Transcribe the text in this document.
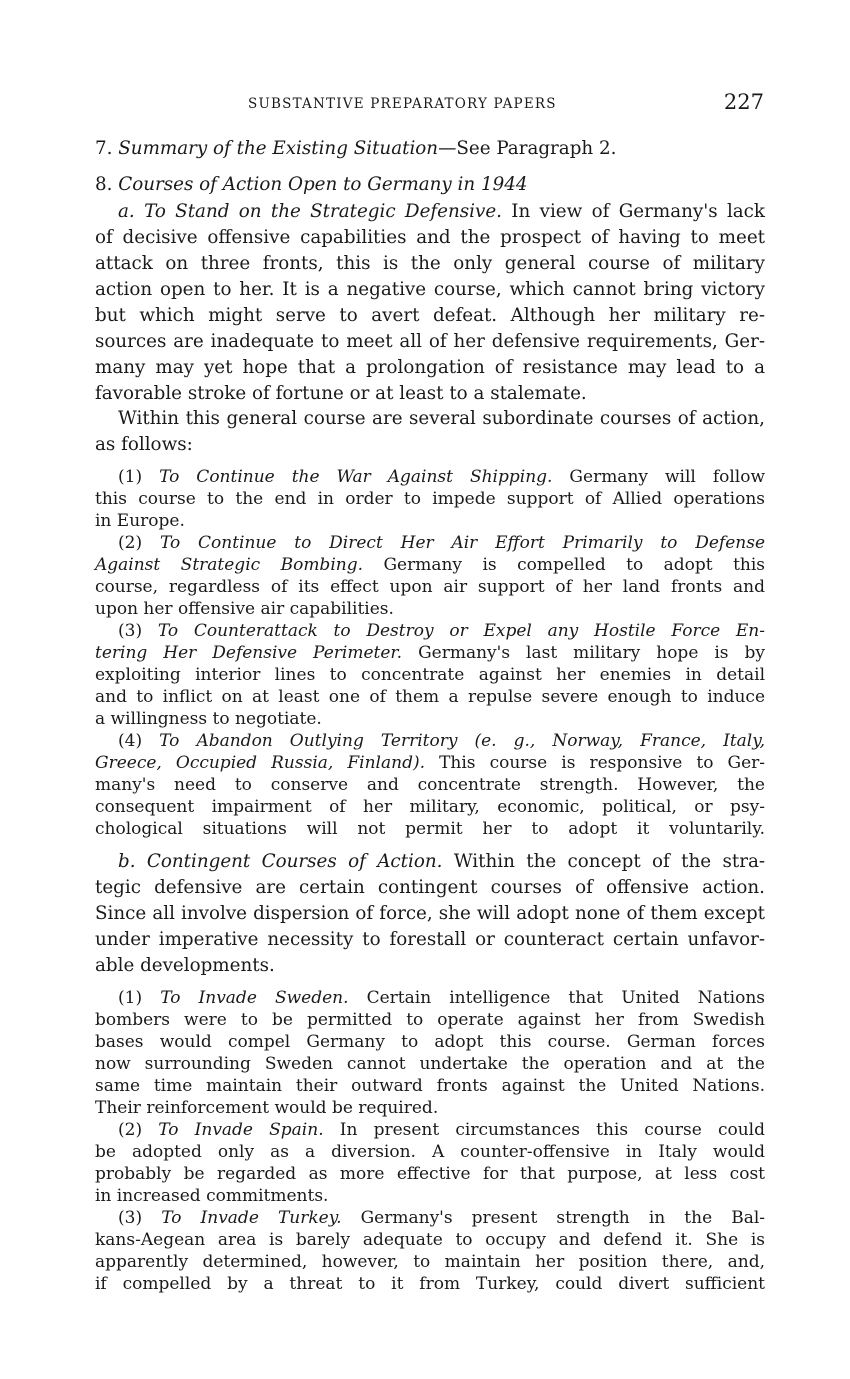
SUBSTANTIVE PREPARATORY PAPERS	227
7. Summary of the Existing Situation—See Paragraph 2.
8. Courses of Action Open to Germany in 1944
a. To Stand on the Strategic Defensive. In view of Germany's lack
of decisive offensive capabilities and the prospect of having to meet
attack on three fronts, this is the only general course of military
action open to her. It is a negative course, which cannot bring victory
but which might serve to avert defeat. Although her military re-
sources are inadequate to meet all of her defensive requirements, Ger-
many may yet hope that a prolongation of resistance may lead to a
favorable stroke of fortune or at least to a stalemate.
Within this general course are several subordinate courses of action,
as follows:
(1) To Continue the War Against Shipping. Germany will follow
this course to the end in order to impede support of Allied operations
in Europe.
(2) To Continue to Direct Her Air Effort Primarily to Defense
Against Strategic Bombing. Germany is compelled to adopt this
course, regardless of its effect upon air support of her land fronts and
upon her offensive air capabilities.
(3) To Counterattack to Destroy or Expel any Hostile Force En-
tering Her Defensive Perimeter. Germany's last military hope is by
exploiting interior lines to concentrate against her enemies in detail
and to inflict on at least one of them a repulse severe enough to induce
a willingness to negotiate.
(4) To Abandon Outlying Territory (e. g., Norway, France, Italy,
Greece, Occupied Russia, Finland). This course is responsive to Ger-
many's need to conserve and concentrate strength. However, the
consequent impairment of her military, economic, political, or psy-
chological situations will not permit her to adopt it voluntarily.
b. Contingent Courses of Action. Within the concept of the stra-
tegic defensive are certain contingent courses of offensive action.
Since all involve dispersion of force, she will adopt none of them except
under imperative necessity to forestall or counteract certain unfavor-
able developments.
(1) To Invade Sweden. Certain intelligence that United Nations
bombers were to be permitted to operate against her from Swedish
bases would compel Germany to adopt this course. German forces
now surrounding Sweden cannot undertake the operation and at the
same time maintain their outward fronts against the United Nations.
Their reinforcement would be required.
(2) To Invade Spain. In present circumstances this course could
be adopted only as a diversion. A counter-offensive in Italy would
probably be regarded as more effective for that purpose, at less cost
in increased commitments.
(3) To Invade Turkey. Germany's present strength in the Bal-
kans-Aegean area is barely adequate to occupy and defend it. She is
apparently determined, however, to maintain her position there, and,
if compelled by a threat to it from Turkey, could divert sufficient
